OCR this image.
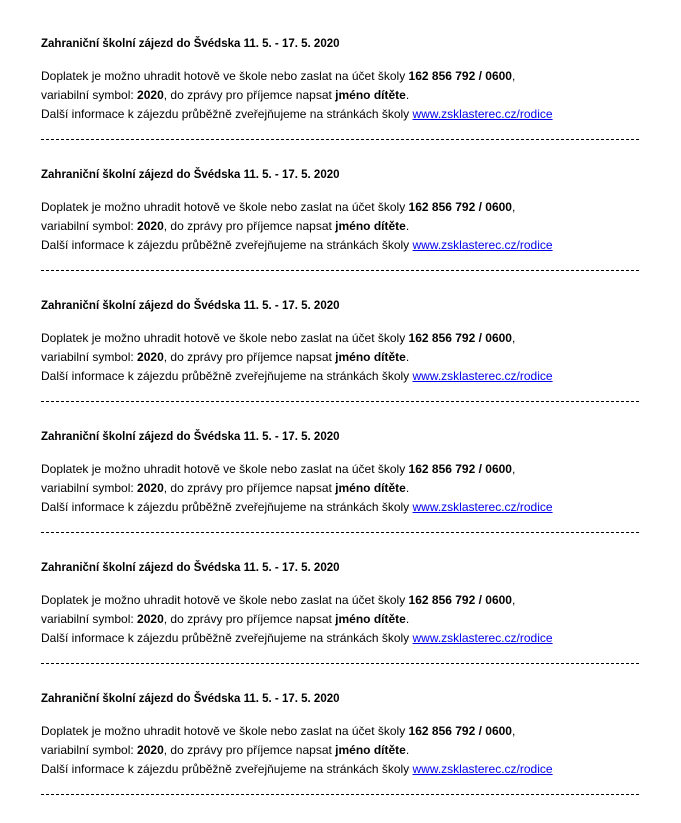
Zahraniční školní zájezd do Švédska 11. 5. - 17. 5. 2020
Doplatek je možno uhradit hotově ve škole nebo zaslat na účet školy 162 856 792 / 0600,
variabilní symbol: 2020, do zprávy pro příjemce napsat jméno dítěte.
Další informace k zájezdu průběžně zveřejňujeme na stránkách školy www.zsklasterec.cz/rodice
Zahraniční školní zájezd do Švédska 11. 5. - 17. 5. 2020
Doplatek je možno uhradit hotově ve škole nebo zaslat na účet školy 162 856 792 / 0600,
variabilní symbol: 2020, do zprávy pro příjemce napsat jméno dítěte.
Další informace k zájezdu průběžně zveřejňujeme na stránkách školy www.zsklasterec.cz/rodice
Zahraniční školní zájezd do Švédska 11. 5. - 17. 5. 2020
Doplatek je možno uhradit hotově ve škole nebo zaslat na účet školy 162 856 792 / 0600,
variabilní symbol: 2020, do zprávy pro příjemce napsat jméno dítěte.
Další informace k zájezdu průběžně zveřejňujeme na stránkách školy www.zsklasterec.cz/rodice
Zahraniční školní zájezd do Švédska 11. 5. - 17. 5. 2020
Doplatek je možno uhradit hotově ve škole nebo zaslat na účet školy 162 856 792 / 0600,
variabilní symbol: 2020, do zprávy pro příjemce napsat jméno dítěte.
Další informace k zájezdu průběžně zveřejňujeme na stránkách školy www.zsklasterec.cz/rodice
Zahraniční školní zájezd do Švédska 11. 5. - 17. 5. 2020
Doplatek je možno uhradit hotově ve škole nebo zaslat na účet školy 162 856 792 / 0600,
variabilní symbol: 2020, do zprávy pro příjemce napsat jméno dítěte.
Další informace k zájezdu průběžně zveřejňujeme na stránkách školy www.zsklasterec.cz/rodice
Zahraniční školní zájezd do Švédska 11. 5. - 17. 5. 2020
Doplatek je možno uhradit hotově ve škole nebo zaslat na účet školy 162 856 792 / 0600,
variabilní symbol: 2020, do zprávy pro příjemce napsat jméno dítěte.
Další informace k zájezdu průběžně zveřejňujeme na stránkách školy www.zsklasterec.cz/rodice
